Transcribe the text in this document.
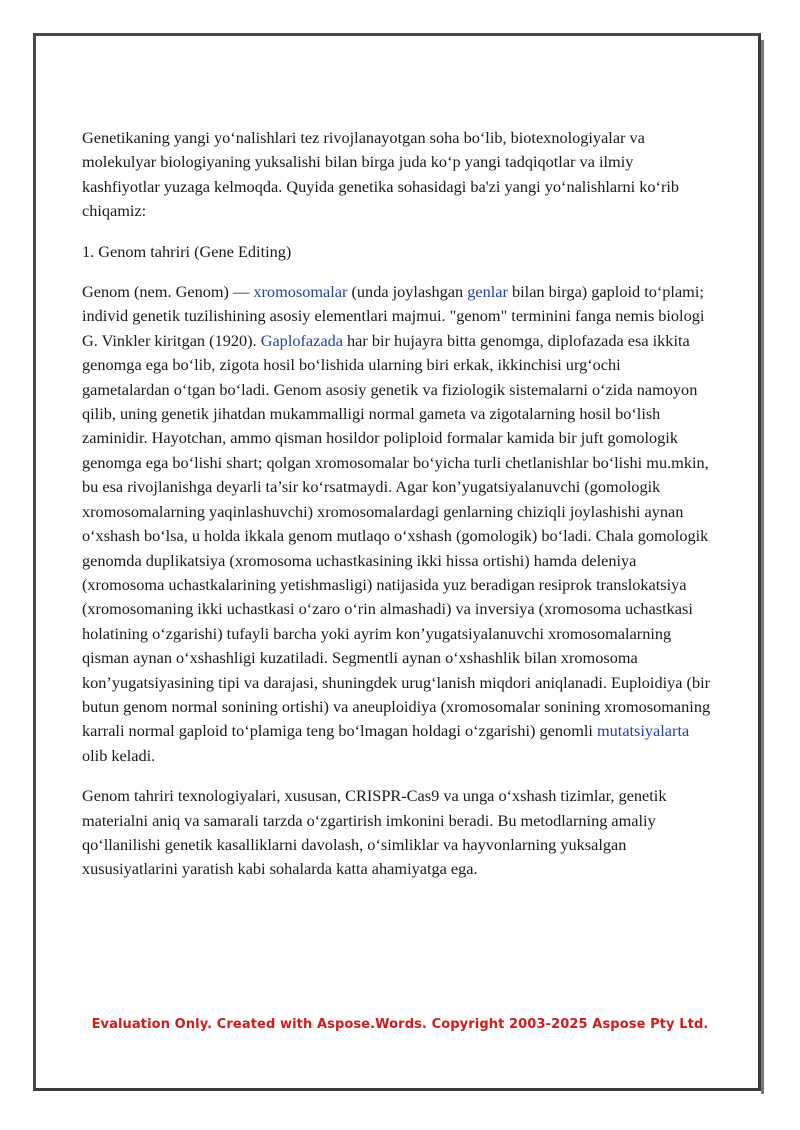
Genetikaning yangi yo‘nalishlari tez rivojlanayotgan soha bo‘lib, biotexnologiyalar va molekulyar biologiyaning yuksalishi bilan birga juda ko‘p yangi tadqiqotlar va ilmiy kashfiyotlar yuzaga kelmoqda. Quyida genetika sohasidagi ba'zi yangi yo‘nalishlarni ko‘rib chiqamiz:

1. Genom tahriri (Gene Editing)

Genom (nem. Genom) — xromosomalar (unda joylashgan genlar bilan birga) gaploid to‘plami; individ genetik tuzilishining asosiy elementlari majmui. "genom" terminini fanga nemis biologi G. Vinkler kiritgan (1920). Gaplofazada har bir hujayra bitta genomga, diplofazada esa ikkita genomga ega bo‘lib, zigota hosil bo‘lishida ularning biri erkak, ikkinchisi urg‘ochi gametalardan o‘tgan bo‘ladi. Genom asosiy genetik va fiziologik sistemalarni o‘zida namoyon qilib, uning genetik jihatdan mukammalligi normal gameta va zigotalarning hosil bo‘lish zaminidir. Hayotchan, ammo qisman hosildor poliploid formalar kamida bir juft gomologik genomga ega bo‘lishi shart; qolgan xromosomalar bo‘yicha turli chetlanishlar bo‘lishi mu.mkin, bu esa rivojlanishga deyarli ta’sir ko‘rsatmaydi. Agar kon’yugatsiyalanuvchi (gomologik xromosomalarning yaqinlashuvchi) xromosomalardagi genlarning chiziqli joylashishi aynan o‘xshash bo‘lsa, u holda ikkala genom mutlaqo o‘xshash (gomologik) bo‘ladi. Chala gomologik genomda duplikatsiya (xromosoma uchastkasining ikki hissa ortishi) hamda deleniya (xromosoma uchastkalarining yetishmasligi) natijasida yuz beradigan resiprok translokatsiya (xromosomaning ikki uchastkasi o‘zaro o‘rin almashadi) va inversiya (xromosoma uchastkasi holatining o‘zgarishi) tufayli barcha yoki ayrim kon’yugatsiyalanuvchi xromosomalarning qisman aynan o‘xshashligi kuzatiladi. Segmentli aynan o‘xshashlik bilan xromosoma kon’yugatsiyasining tipi va darajasi, shuningdek urug‘lanish miqdori aniqlanadi. Euploidiya (bir butun genom normal sonining ortishi) va aneuploidiya (xromosomalar sonining xromosomaning karrali normal gaploid to‘plamiga teng bo‘lmagan holdagi o‘zgarishi) genomli mutatsiyalarta olib keladi.

Genom tahriri texnologiyalari, xususan, CRISPR-Cas9 va unga o‘xshash tizimlar, genetik materialni aniq va samarali tarzda o‘zgartirish imkonini beradi. Bu metodlarning amaliy qo‘llanilishi genetik kasalliklarni davolash, o‘simliklar va hayvonlarning yuksalgan xususiyatlarini yaratish kabi sohalarda katta ahamiyatga ega.

Evaluation Only. Created with Aspose.Words. Copyright 2003-2025 Aspose Pty Ltd.
